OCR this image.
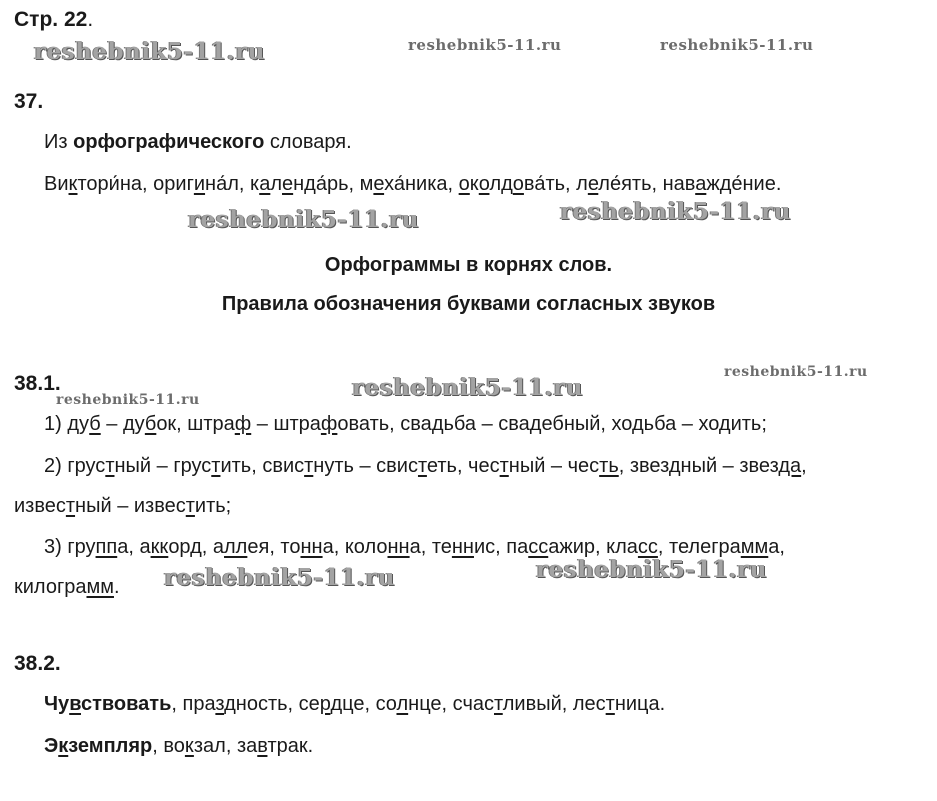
Стр. 22.
reshebnik5-11.ru	reshebnik5-11.ru	reshebnik5-11.ru
reshebnik5-11.ru	reshebnik5-11.ru
reshebnik5-11.ru
reshebnik5-11.ru
reshebnik5-11.ru
reshebnik5-11.ru	reshebnik5-11.ru
37.
Из орфографического словаря.
Виктори́на, оригина́л, календа́рь, меха́ника, околдова́ть, леле́ять, наважде́ние.
Орфограммы в корнях слов.
Правила обозначения буквами согласных звуков
38.1.
1) дуб – дубок, штраф – штрафовать, свадьба – свадебный, ходьба – ходить;
2) грустный – грустить, свистнуть – свистеть, честный – честь, звездный – звезда,
известный – известить;
3) группа, аккорд, аллея, тонна, колонна, теннис, пассажир, класс, телеграмма,
килограмм.
38.2.
Чувствовать, праздность, сердце, солнце, счастливый, лестница.
Экземпляр, вокзал, завтрак.
